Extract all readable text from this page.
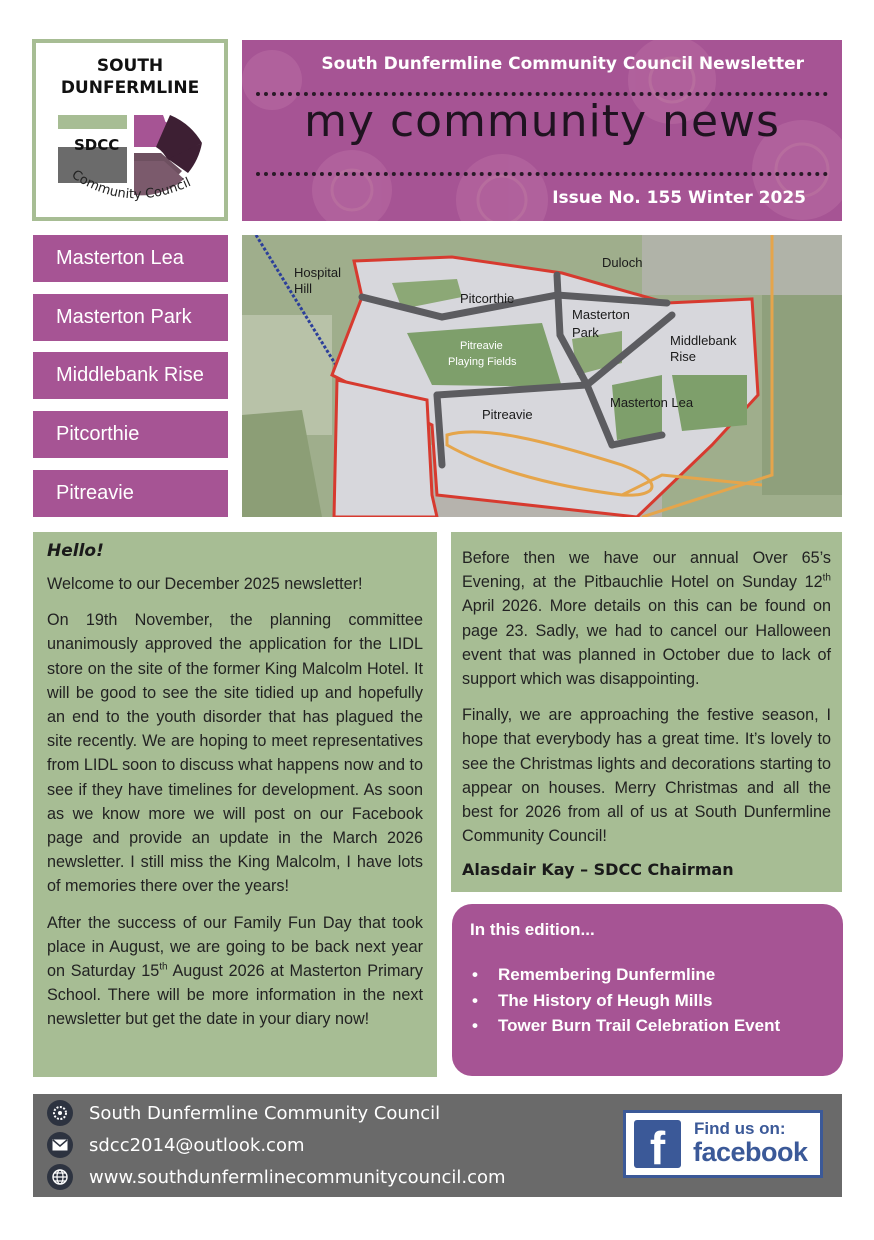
SOUTH
DUNFERMLINE
SDCC
Community Council
South Dunfermline Community Council Newsletter
my community news
Issue No. 155 Winter 2025
Masterton Lea
Masterton Park
Middlebank Rise
Pitcorthie
Pitreavie
Hospital
Hill
Duloch
Pitcorthie
Masterton
Park
Middlebank
Rise
Pitreavie
Masterton Lea
Pitreavie
Playing Fields
Hello!

Welcome to our December 2025 newsletter!

On 19th November, the planning committee unanimously approved the application for the LIDL store on the site of the former King Malcolm Hotel. It will be good to see the site tidied up and hopefully an end to the youth disorder that has plagued the site recently. We are hoping to meet representatives from LIDL soon to discuss what happens now and to see if they have timelines for development. As soon as we know more we will post on our Facebook page and provide an update in the March 2026 newsletter. I still miss the King Malcolm, I have lots of memories there over the years!

After the success of our Family Fun Day that took place in August, we are going to be back next year on Saturday 15th August 2026 at Masterton Primary School. There will be more information in the next newsletter but get the date in your diary now!

Before then we have our annual Over 65’s Evening, at the Pitbauchlie Hotel on Sunday 12th April 2026. More details on this can be found on page 23. Sadly, we had to cancel our Halloween event that was planned in October due to lack of support which was disappointing.

Finally, we are approaching the festive season, I hope that everybody has a great time. It’s lovely to see the Christmas lights and decorations starting to appear on houses. Merry Christmas and all the best for 2026 from all of us at South Dunfermline Community Council!

Alasdair Kay – SDCC Chairman
In this edition...
• Remembering Dunfermline
• The History of Heugh Mills
• Tower Burn Trail Celebration Event
South Dunfermline Community Council
sdcc2014@outlook.com
www.southdunfermlinecommunitycouncil.com
f	Find us on:
facebook
